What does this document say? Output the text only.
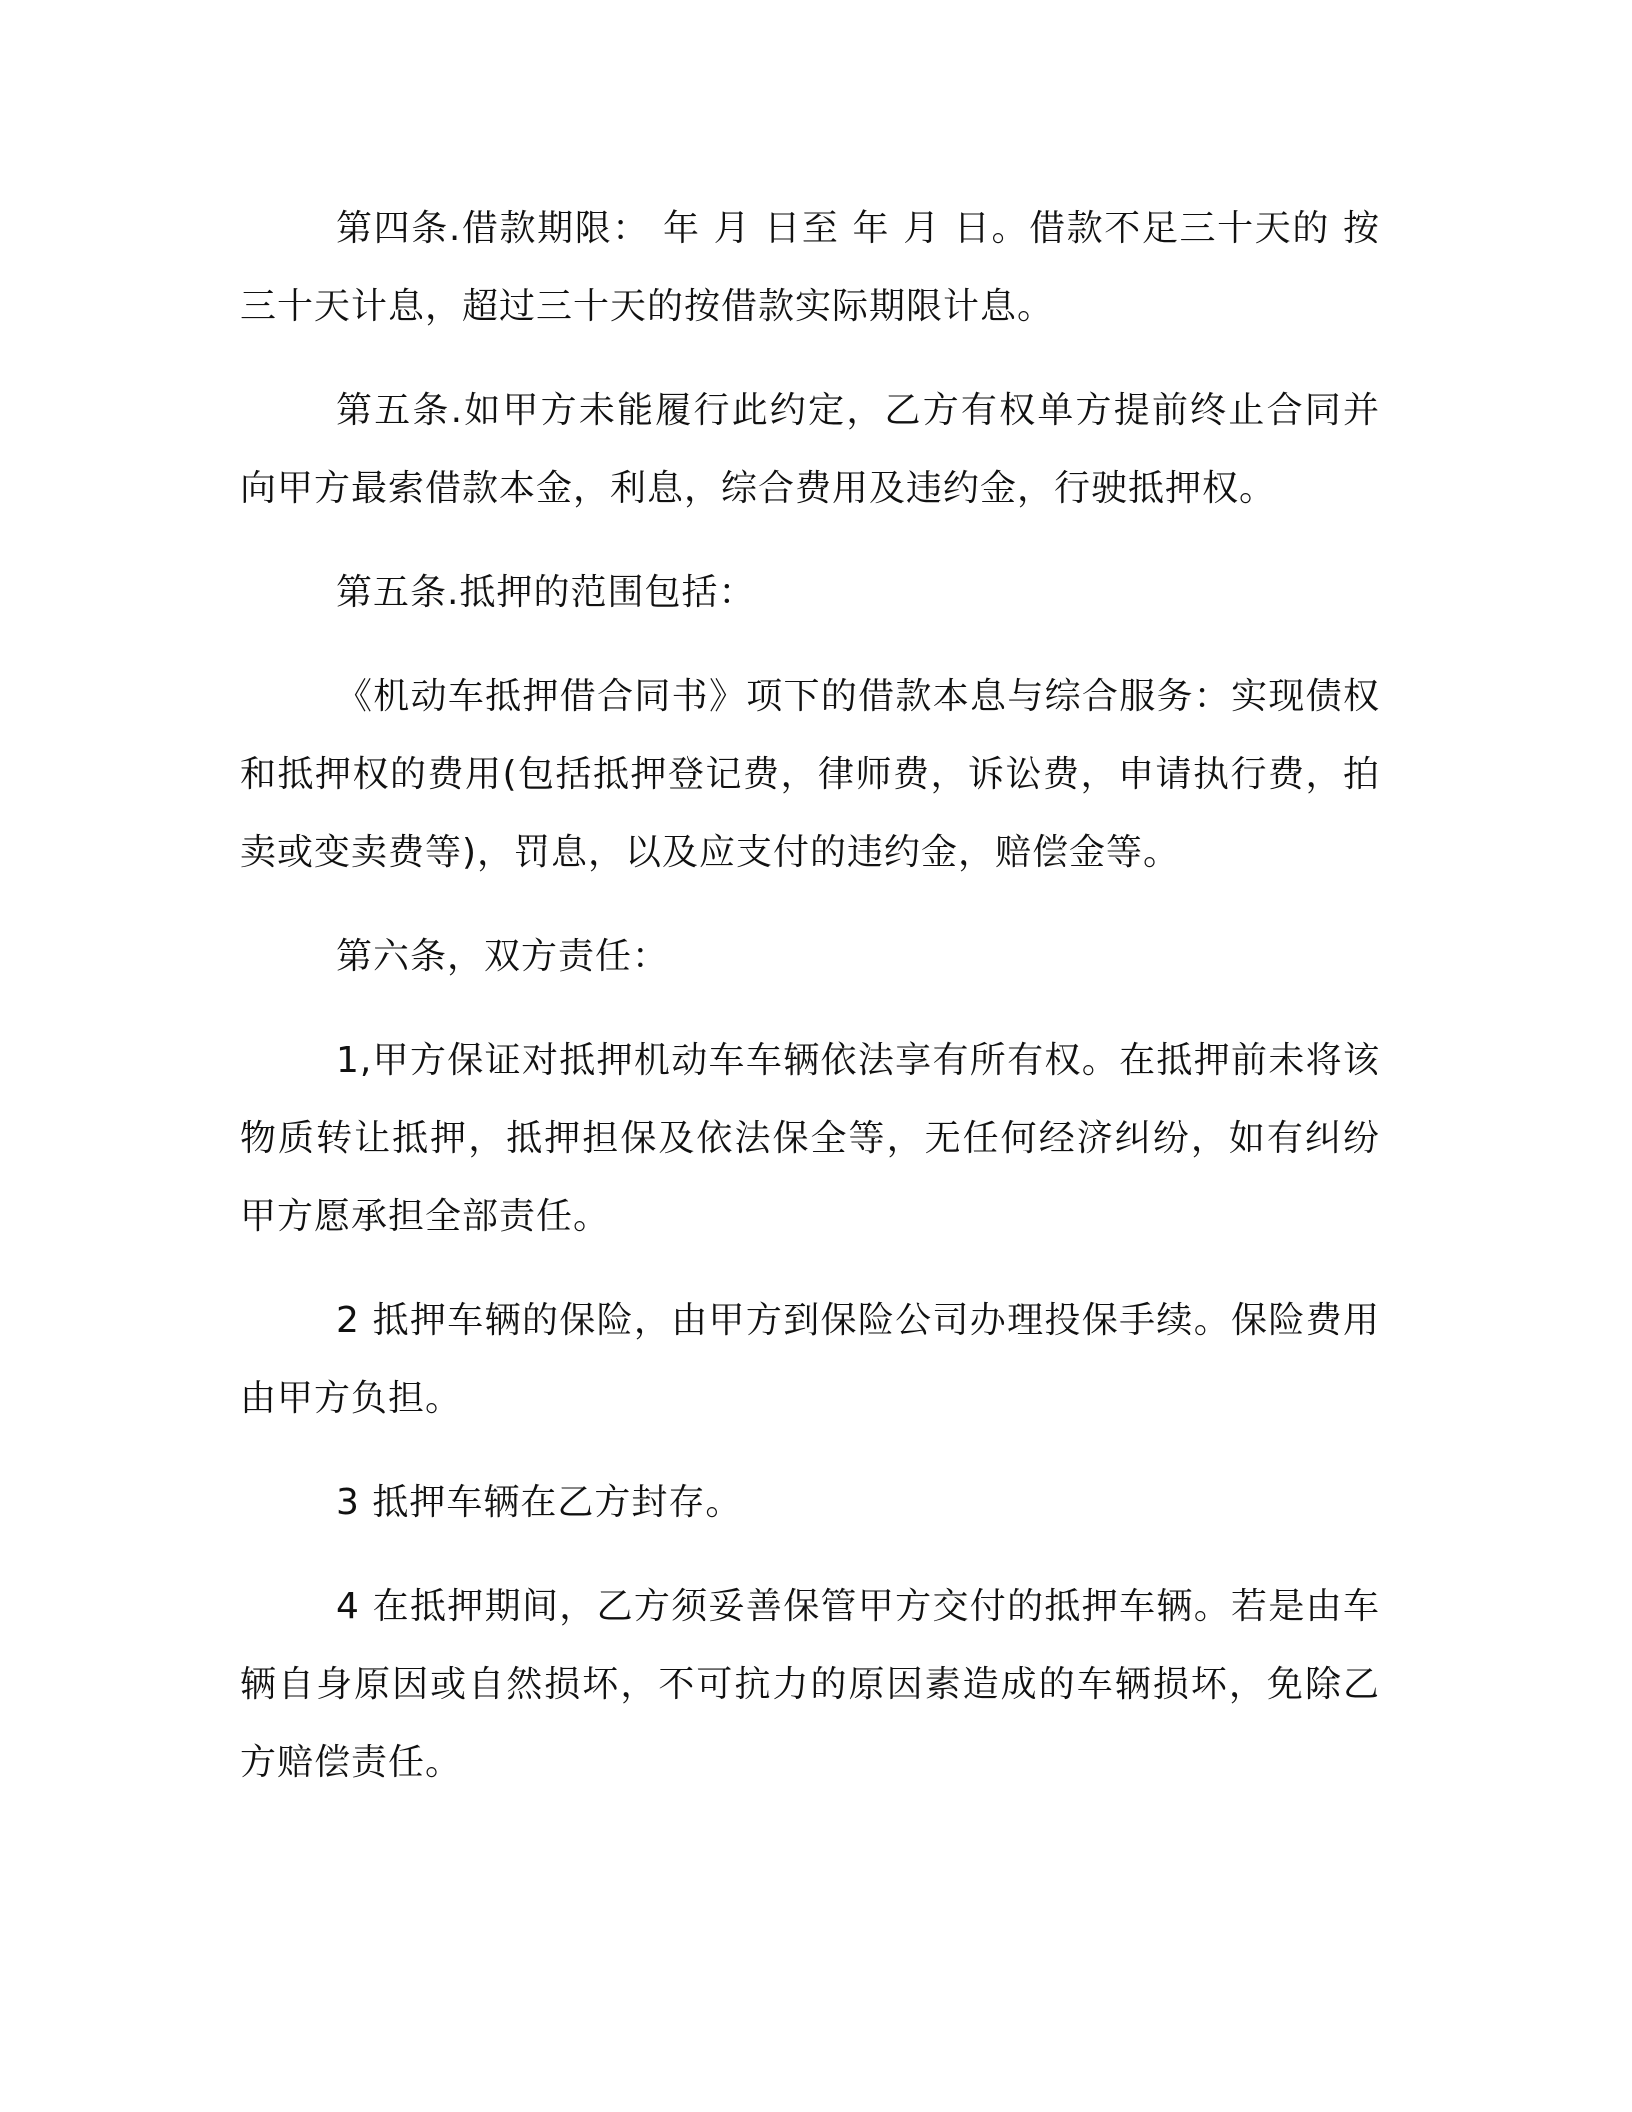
第四条.借款期限： 年 月 日至 年 月 日。借款不足三十天的 按三十天计息，超过三十天的按借款实际期限计息。

第五条.如甲方未能履行此约定，乙方有权单方提前终止合同并向甲方最索借款本金，利息，综合费用及违约金，行驶抵押权。

第五条.抵押的范围包括：

《机动车抵押借合同书》项下的借款本息与综合服务：实现债权和抵押权的费用(包括抵押登记费，律师费，诉讼费，申请执行费，拍卖或变卖费等)，罚息，以及应支付的违约金，赔偿金等。

第六条，双方责任：

1,甲方保证对抵押机动车车辆依法享有所有权。在抵押前未将该物质转让抵押，抵押担保及依法保全等，无任何经济纠纷，如有纠纷甲方愿承担全部责任。

2 抵押车辆的保险，由甲方到保险公司办理投保手续。保险费用由甲方负担。

3 抵押车辆在乙方封存。

4 在抵押期间，乙方须妥善保管甲方交付的抵押车辆。若是由车辆自身原因或自然损坏，不可抗力的原因素造成的车辆损坏，免除乙方赔偿责任。
